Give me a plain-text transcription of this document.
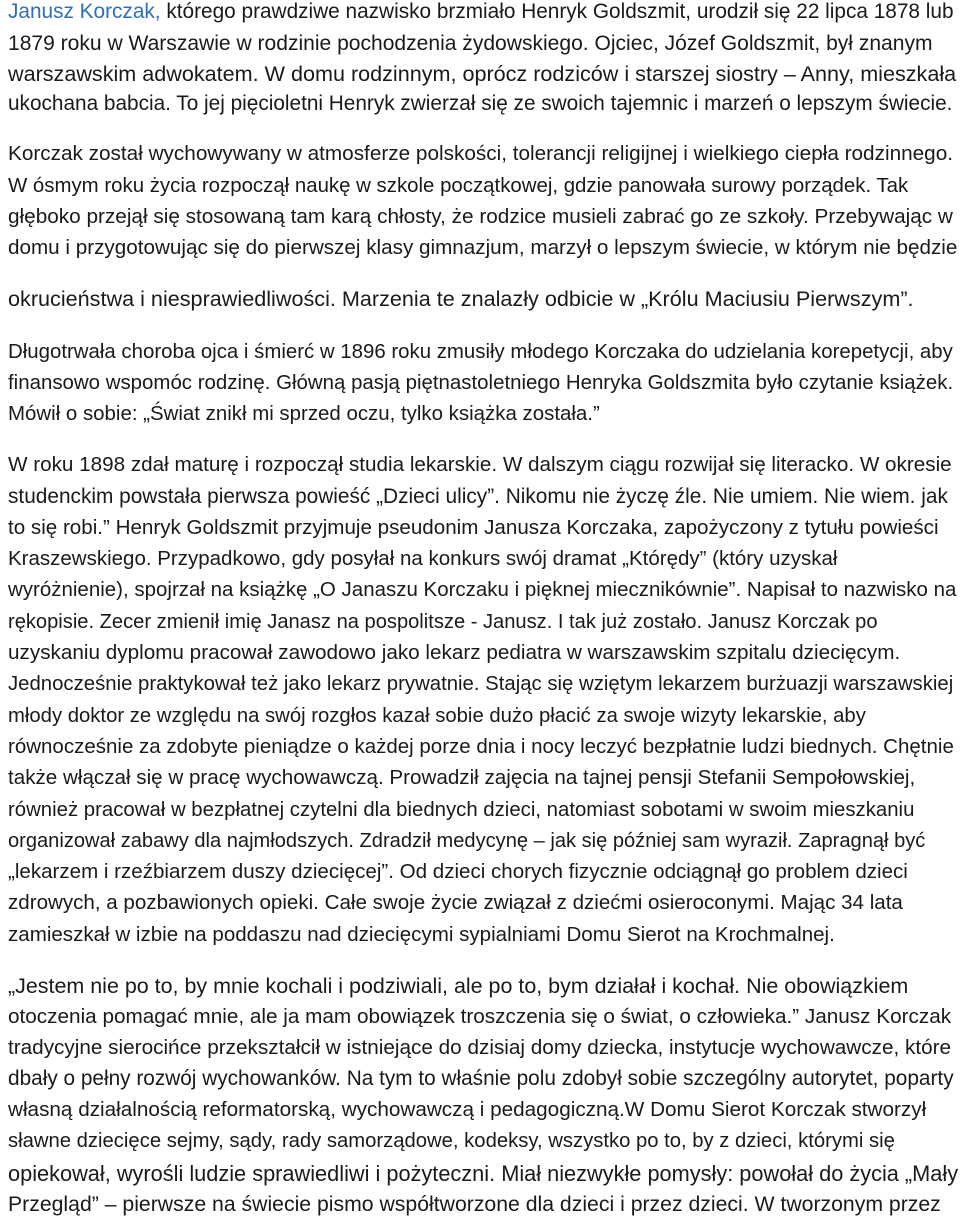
Janusz Korczak, którego prawdziwe nazwisko brzmiało Henryk Goldszmit, urodził się 22 lipca 1878 lub
1879 roku w Warszawie w rodzinie pochodzenia żydowskiego. Ojciec, Józef Goldszmit, był znanym
warszawskim adwokatem. W domu rodzinnym, oprócz rodziców i starszej siostry – Anny, mieszkała
ukochana babcia. To jej pięcioletni Henryk zwierzał się ze swoich tajemnic i marzeń o lepszym świecie.
Korczak został wychowywany w atmosferze polskości, tolerancji religijnej i wielkiego ciepła rodzinnego.
W ósmym roku życia rozpoczął naukę w szkole początkowej, gdzie panowała surowy porządek. Tak
głęboko przejął się stosowaną tam karą chłosty, że rodzice musieli zabrać go ze szkoły. Przebywając w
domu i przygotowując się do pierwszej klasy gimnazjum, marzył o lepszym świecie, w którym nie będzie
okrucieństwa i niesprawiedliwości. Marzenia te znalazły odbicie w „Królu Maciusiu Pierwszym”.
Długotrwała choroba ojca i śmierć w 1896 roku zmusiły młodego Korczaka do udzielania korepetycji, aby
finansowo wspomóc rodzinę. Główną pasją piętnastoletniego Henryka Goldszmita było czytanie książek.
Mówił o sobie: „Świat znikł mi sprzed oczu, tylko książka została.”
W roku 1898 zdał maturę i rozpoczął studia lekarskie. W dalszym ciągu rozwijał się literacko. W okresie
studenckim powstała pierwsza powieść „Dzieci ulicy”. Nikomu nie życzę źle. Nie umiem. Nie wiem. jak
to się robi.” Henryk Goldszmit przyjmuje pseudonim Janusza Korczaka, zapożyczony z tytułu powieści
Kraszewskiego. Przypadkowo, gdy posyłał na konkurs swój dramat „Którędy” (który uzyskał
wyróżnienie), spojrzał na książkę „O Janaszu Korczaku i pięknej miecznikównie”. Napisał to nazwisko na
rękopisie. Zecer zmienił imię Janasz na pospolitsze - Janusz. I tak już zostało. Janusz Korczak po
uzyskaniu dyplomu pracował zawodowo jako lekarz pediatra w warszawskim szpitalu dziecięcym.
Jednocześnie praktykował też jako lekarz prywatnie. Stając się wziętym lekarzem burżuazji warszawskiej
młody doktor ze względu na swój rozgłos kazał sobie dużo płacić za swoje wizyty lekarskie, aby
równocześnie za zdobyte pieniądze o każdej porze dnia i nocy leczyć bezpłatnie ludzi biednych. Chętnie
także włączał się w pracę wychowawczą. Prowadził zajęcia na tajnej pensji Stefanii Sempołowskiej,
również pracował w bezpłatnej czytelni dla biednych dzieci, natomiast sobotami w swoim mieszkaniu
organizował zabawy dla najmłodszych. Zdradził medycynę – jak się później sam wyraził. Zapragnął być
„lekarzem i rzeźbiarzem duszy dziecięcej”. Od dzieci chorych fizycznie odciągnął go problem dzieci
zdrowych, a pozbawionych opieki. Całe swoje życie związał z dziećmi osieroconymi. Mając 34 lata
zamieszkał w izbie na poddaszu nad dziecięcymi sypialniami Domu Sierot na Krochmalnej.
„Jestem nie po to, by mnie kochali i podziwiali, ale po to, bym działał i kochał. Nie obowiązkiem
otoczenia pomagać mnie, ale ja mam obowiązek troszczenia się o świat, o człowieka.” Janusz Korczak
tradycyjne sierocińce przekształcił w istniejące do dzisiaj domy dziecka, instytucje wychowawcze, które
dbały o pełny rozwój wychowanków. Na tym to właśnie polu zdobył sobie szczególny autorytet, poparty
własną działalnością reformatorską, wychowawczą i pedagogiczną.W Domu Sierot Korczak stworzył
sławne dziecięce sejmy, sądy, rady samorządowe, kodeksy, wszystko po to, by z dzieci, którymi się
opiekował, wyrośli ludzie sprawiedliwi i pożyteczni. Miał niezwykłe pomysły: powołał do życia „Mały
Przegląd” – pierwsze na świecie pismo współtworzone dla dzieci i przez dzieci. W tworzonym przez
